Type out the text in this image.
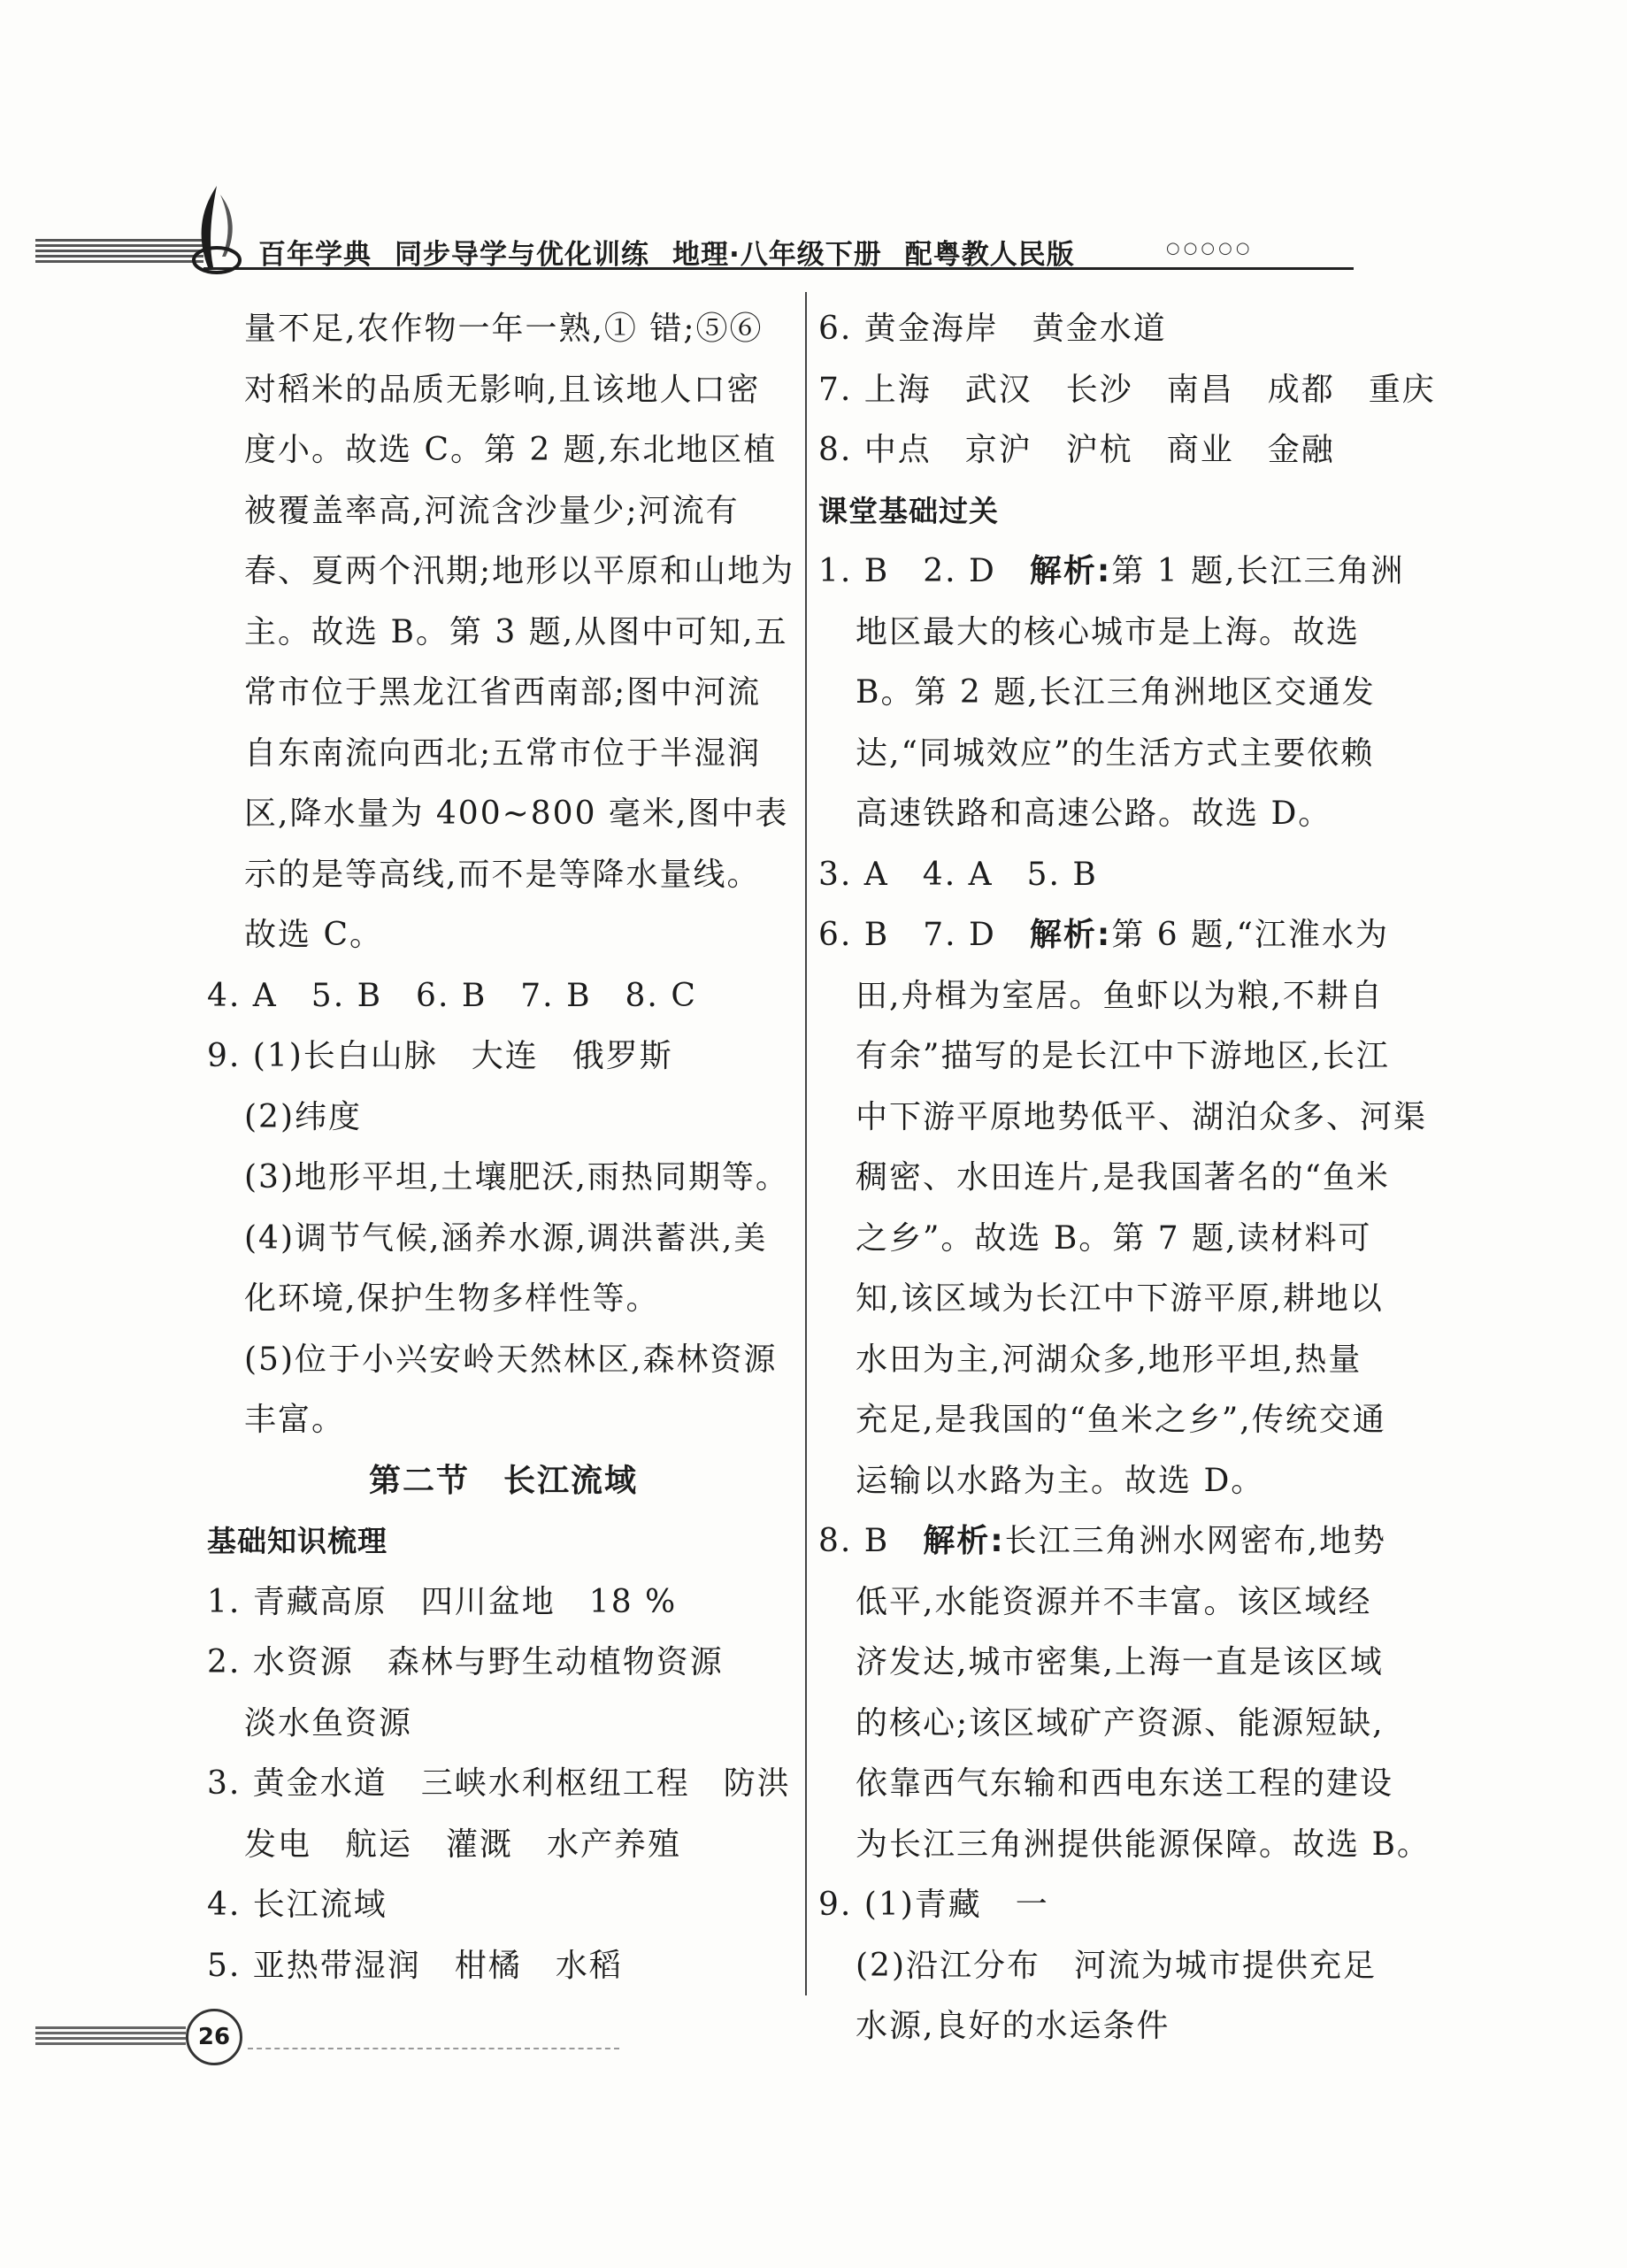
百年学典 同步导学与优化训练 地理·八年级下册 配粤教人民版	○○○○○
量不足,农作物一年一熟,① 错;⑤⑥
对稻米的品质无影响,且该地人口密
度小。故选 C。第 2 题,东北地区植
被覆盖率高,河流含沙量少;河流有
春、夏两个汛期;地形以平原和山地为
主。故选 B。第 3 题,从图中可知,五
常市位于黑龙江省西南部;图中河流
自东南流向西北;五常市位于半湿润
区,降水量为 400~800 毫米,图中表
示的是等高线,而不是等降水量线。
故选 C。
4. A　5. B　6. B　7. B　8. C
9. (1)长白山脉　大连　俄罗斯
(2)纬度
(3)地形平坦,土壤肥沃,雨热同期等。
(4)调节气候,涵养水源,调洪蓄洪,美
化环境,保护生物多样性等。
(5)位于小兴安岭天然林区,森林资源
丰富。
第二节　长江流域
基础知识梳理
1. 青藏高原　四川盆地　18 %
2. 水资源　森林与野生动植物资源
淡水鱼资源
3. 黄金水道　三峡水利枢纽工程　防洪
发电　航运　灌溉　水产养殖
4. 长江流域
5. 亚热带湿润　柑橘　水稻
6. 黄金海岸　黄金水道
7. 上海　武汉　长沙　南昌　成都　重庆
8. 中点　京沪　沪杭　商业　金融
课堂基础过关
1. B　2. D　解析:第 1 题,长江三角洲
地区最大的核心城市是上海。故选
B。第 2 题,长江三角洲地区交通发
达,“同城效应”的生活方式主要依赖
高速铁路和高速公路。故选 D。
3. A　4. A　5. B
6. B　7. D　解析:第 6 题,“江淮水为
田,舟楫为室居。鱼虾以为粮,不耕自
有余”描写的是长江中下游地区,长江
中下游平原地势低平、湖泊众多、河渠
稠密、水田连片,是我国著名的“鱼米
之乡”。故选 B。第 7 题,读材料可
知,该区域为长江中下游平原,耕地以
水田为主,河湖众多,地形平坦,热量
充足,是我国的“鱼米之乡”,传统交通
运输以水路为主。故选 D。
8. B　解析:长江三角洲水网密布,地势
低平,水能资源并不丰富。该区域经
济发达,城市密集,上海一直是该区域
的核心;该区域矿产资源、能源短缺,
依靠西气东输和西电东送工程的建设
为长江三角洲提供能源保障。故选 B。
9. (1)青藏　一
(2)沿江分布　河流为城市提供充足
水源,良好的水运条件
26
